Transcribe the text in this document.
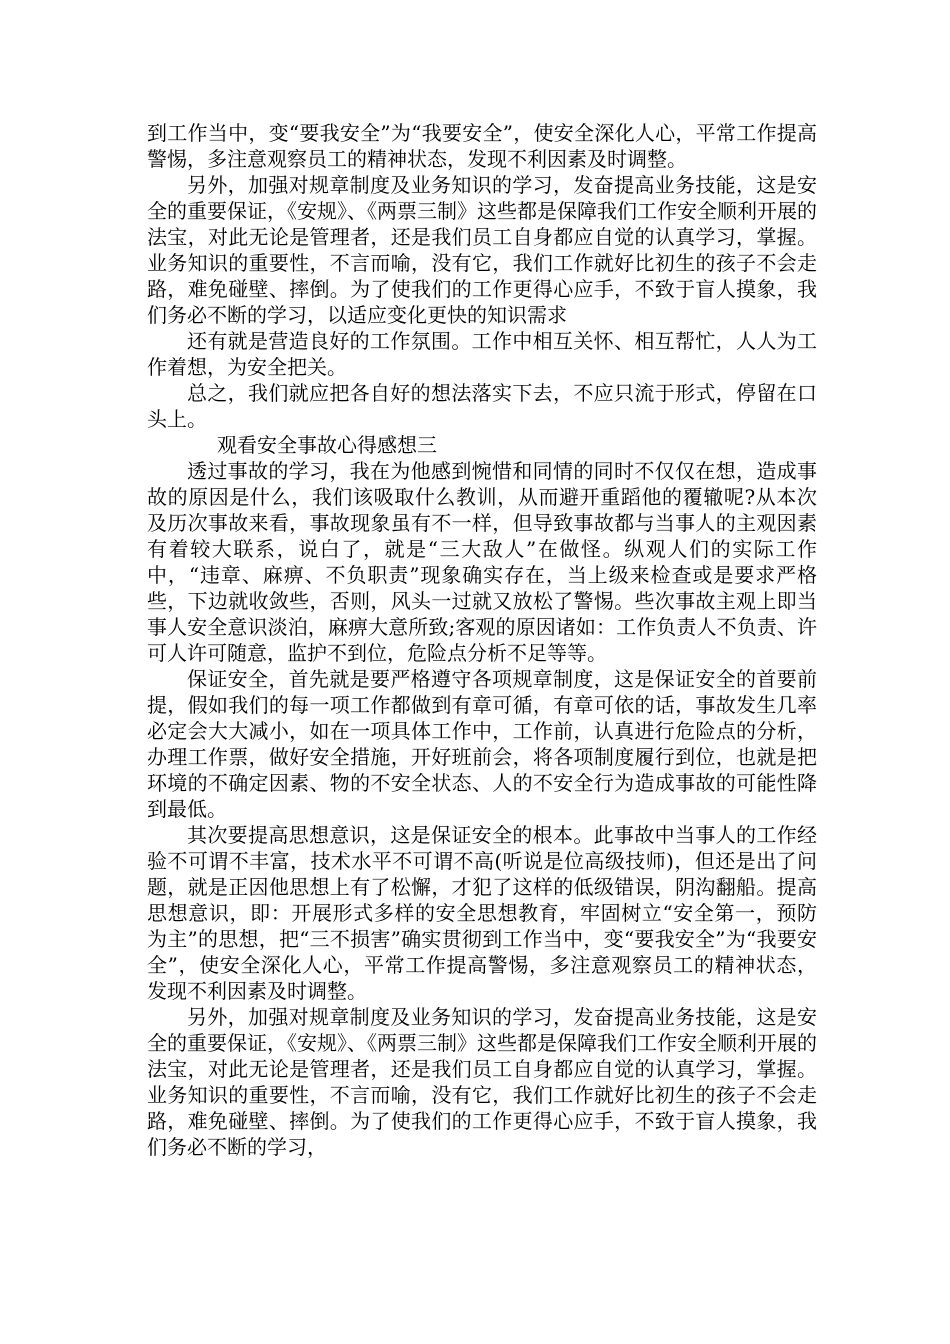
到工作当中，变“要我安全”为“我要安全”，使安全深化人心，平常工作提高警惕，多注意观察员工的精神状态，发现不利因素及时调整。

另外，加强对规章制度及业务知识的学习，发奋提高业务技能，这是安全的重要保证，《安规》、《两票三制》这些都是保障我们工作安全顺利开展的法宝，对此无论是管理者，还是我们员工自身都应自觉的认真学习，掌握。业务知识的重要性，不言而喻，没有它，我们工作就好比初生的孩子不会走路，难免碰壁、摔倒。为了使我们的工作更得心应手，不致于盲人摸象，我们务必不断的学习，以适应变化更快的知识需求

还有就是营造良好的工作氛围。工作中相互关怀、相互帮忙，人人为工作着想，为安全把关。

总之，我们就应把各自好的想法落实下去，不应只流于形式，停留在口头上。

观看安全事故心得感想三

透过事故的学习，我在为他感到惋惜和同情的同时不仅仅在想，造成事故的原因是什么，我们该吸取什么教训，从而避开重蹈他的覆辙呢?从本次及历次事故来看，事故现象虽有不一样，但导致事故都与当事人的主观因素有着较大联系，说白了，就是“三大敌人”在做怪。纵观人们的实际工作中，“违章、麻痹、不负职责”现象确实存在，当上级来检查或是要求严格些，下边就收敛些，否则，风头一过就又放松了警惕。些次事故主观上即当事人安全意识淡泊，麻痹大意所致;客观的原因诸如：工作负责人不负责、许可人许可随意，监护不到位，危险点分析不足等等。

保证安全，首先就是要严格遵守各项规章制度，这是保证安全的首要前提，假如我们的每一项工作都做到有章可循，有章可依的话，事故发生几率必定会大大减小，如在一项具体工作中，工作前，认真进行危险点的分析，办理工作票，做好安全措施，开好班前会，将各项制度履行到位，也就是把环境的不确定因素、物的不安全状态、人的不安全行为造成事故的可能性降到最低。

其次要提高思想意识，这是保证安全的根本。此事故中当事人的工作经验不可谓不丰富，技术水平不可谓不高(听说是位高级技师)，但还是出了问题，就是正因他思想上有了松懈，才犯了这样的低级错误，阴沟翻船。提高思想意识，即：开展形式多样的安全思想教育，牢固树立“安全第一，预防为主”的思想，把“三不损害”确实贯彻到工作当中，变“要我安全”为“我要安全”，使安全深化人心，平常工作提高警惕，多注意观察员工的精神状态，发现不利因素及时调整。

另外，加强对规章制度及业务知识的学习，发奋提高业务技能，这是安全的重要保证，《安规》、《两票三制》这些都是保障我们工作安全顺利开展的法宝，对此无论是管理者，还是我们员工自身都应自觉的认真学习，掌握。业务知识的重要性，不言而喻，没有它，我们工作就好比初生的孩子不会走路，难免碰壁、摔倒。为了使我们的工作更得心应手，不致于盲人摸象，我们务必不断的学习，
